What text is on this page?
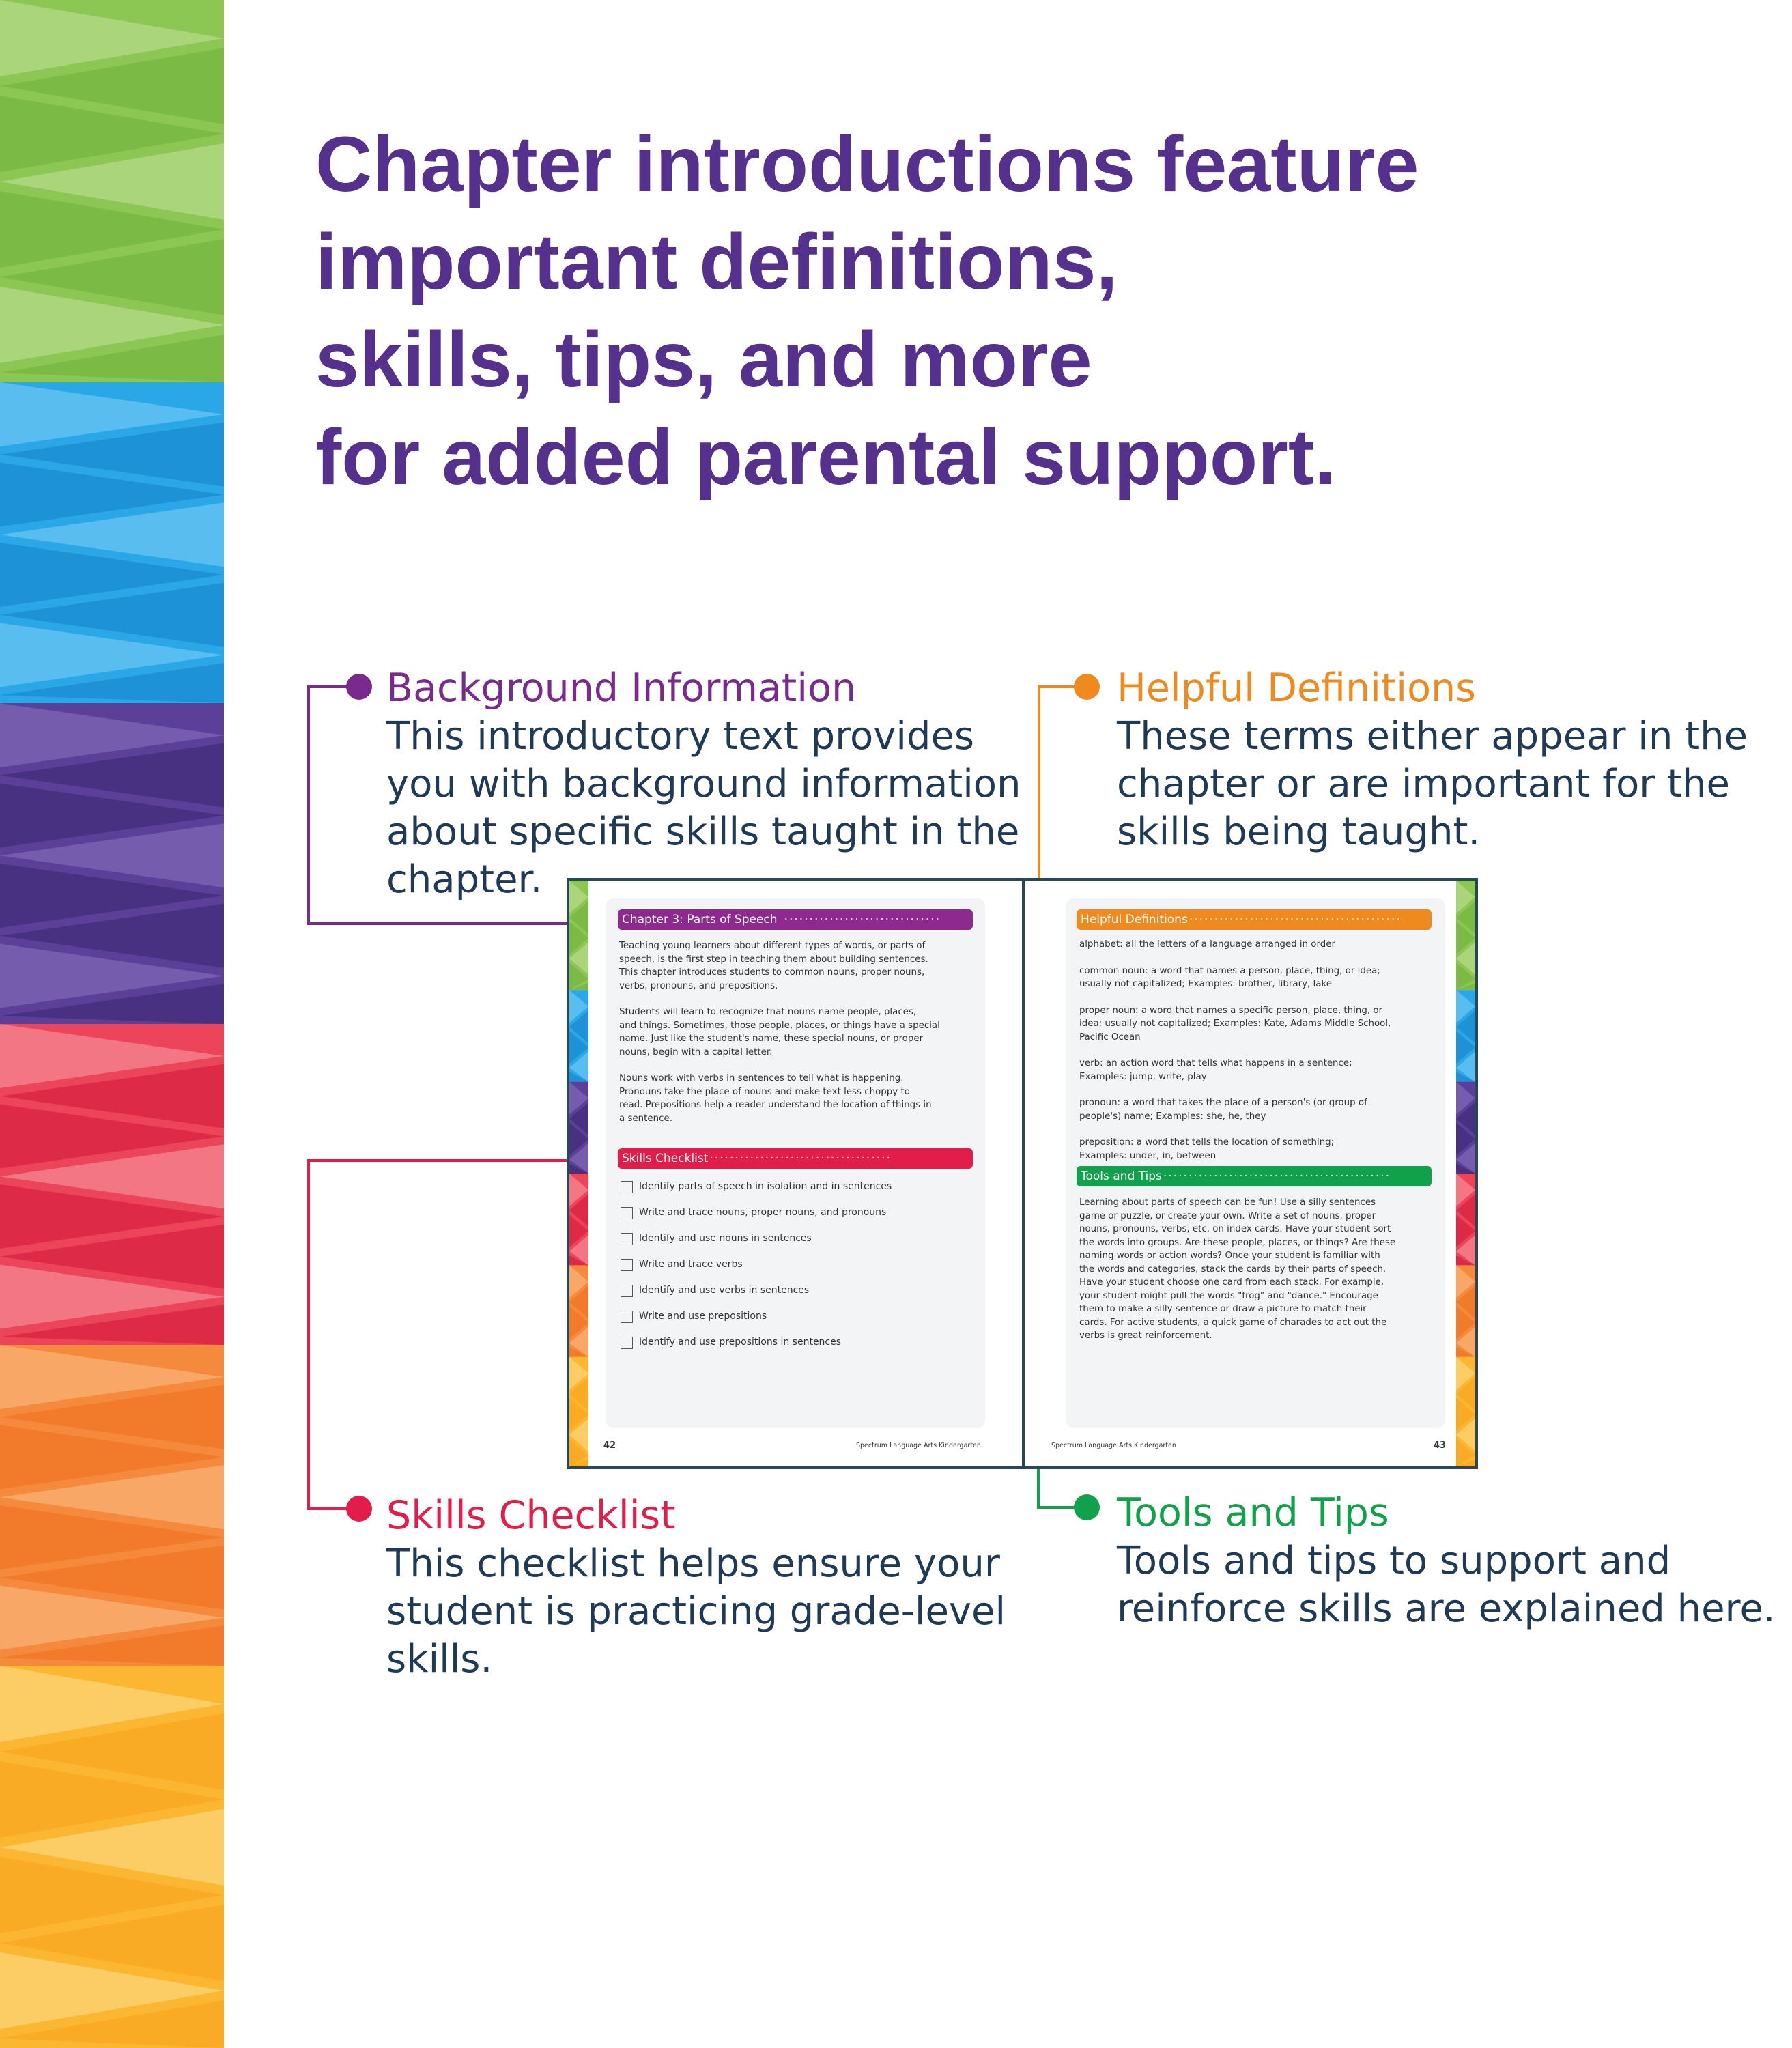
Chapter introductions feature
important definitions,
skills, tips, and more
for added parental support.

Background Information

This introductory text provides
you with background information
about specific skills taught in the
chapter.

Helpful Definitions

These terms either appear in the
chapter or are important for the
skills being taught.

Skills Checklist

This checklist helps ensure your
student is practicing grade-level
skills.

Tools and Tips

Tools and tips to support and
reinforce skills are explained here.
Chapter 3: Parts of Speech ·······························

Teaching young learners about different types of words, or parts of
speech, is the first step in teaching them about building sentences.
This chapter introduces students to common nouns, proper nouns,
verbs, pronouns, and prepositions.

Students will learn to recognize that nouns name people, places,
and things. Sometimes, those people, places, or things have a special
name. Just like the student's name, these special nouns, or proper
nouns, begin with a capital letter.

Nouns work with verbs in sentences to tell what is happening.
Pronouns take the place of nouns and make text less choppy to
read. Prepositions help a reader understand the location of things in
a sentence.

Skills Checklist ····································
Identify parts of speech in isolation and in sentences
Write and trace nouns, proper nouns, and pronouns
Identify and use nouns in sentences
Write and trace verbs
Identify and use verbs in sentences
Write and use prepositions
Identify and use prepositions in sentences
42	Spectrum Language Arts Kindergarten
Helpful Definitions ··········································

alphabet: all the letters of a language arranged in order

common noun: a word that names a person, place, thing, or idea;
usually not capitalized; Examples: brother, library, lake

proper noun: a word that names a specific person, place, thing, or
idea; usually not capitalized; Examples: Kate, Adams Middle School,
Pacific Ocean

verb: an action word that tells what happens in a sentence;
Examples: jump, write, play

pronoun: a word that takes the place of a person's (or group of
people's) name; Examples: she, he, they

preposition: a word that tells the location of something;
Examples: under, in, between

Tools and Tips ·············································

Learning about parts of speech can be fun! Use a silly sentences
game or puzzle, or create your own. Write a set of nouns, proper
nouns, pronouns, verbs, etc. on index cards. Have your student sort
the words into groups. Are these people, places, or things? Are these
naming words or action words? Once your student is familiar with
the words and categories, stack the cards by their parts of speech.
Have your student choose one card from each stack. For example,
your student might pull the words "frog" and "dance." Encourage
them to make a silly sentence or draw a picture to match their
cards. For active students, a quick game of charades to act out the
verbs is great reinforcement.

Spectrum Language Arts Kindergarten	43
